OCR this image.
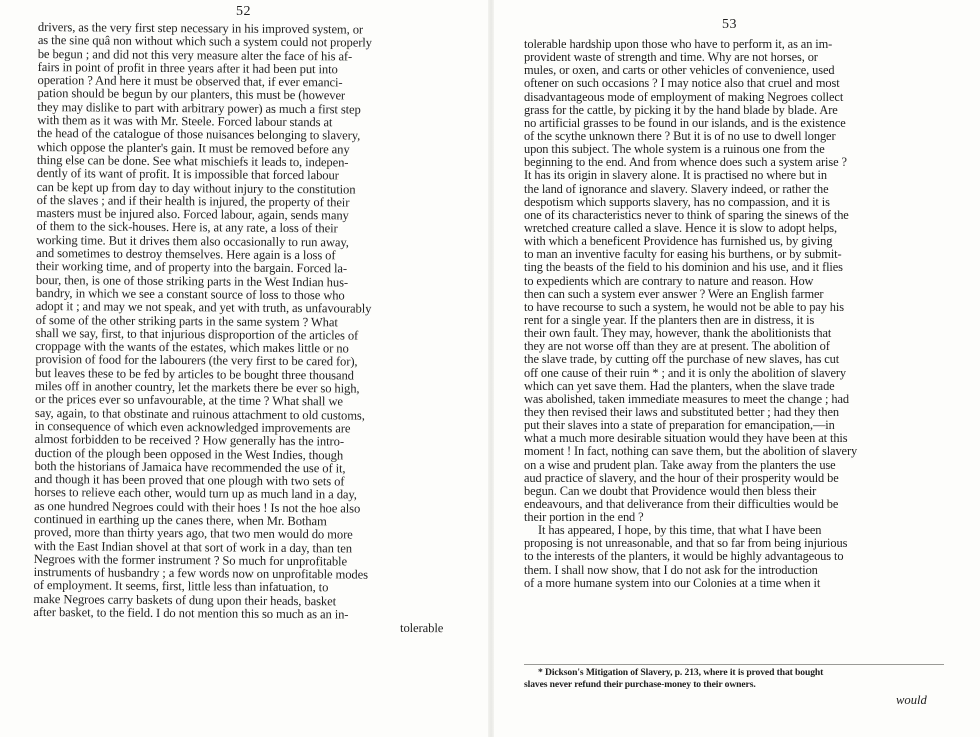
52

drivers, as the very first step necessary in his improved system, or

as the sine quâ non without which such a system could not properly

be begun ; and did not this very measure alter the face of his af-

fairs in point of profit in three years after it had been put into

operation ? And here it must be observed that, if ever emanci-

pation should be begun by our planters, this must be (however

they may dislike to part with arbitrary power) as much a first step

with them as it was with Mr. Steele. Forced labour stands at

the head of the catalogue of those nuisances belonging to slavery,

which oppose the planter's gain. It must be removed before any

thing else can be done. See what mischiefs it leads to, indepen-

dently of its want of profit. It is impossible that forced labour

can be kept up from day to day without injury to the constitution

of the slaves ; and if their health is injured, the property of their

masters must be injured also. Forced labour, again, sends many

of them to the sick-houses. Here is, at any rate, a loss of their

working time. But it drives them also occasionally to run away,

and sometimes to destroy themselves. Here again is a loss of

their working time, and of property into the bargain. Forced la-

bour, then, is one of those striking parts in the West Indian hus-

bandry, in which we see a constant source of loss to those who

adopt it ; and may we not speak, and yet with truth, as unfavourably

of some of the other striking parts in the same system ? What

shall we say, first, to that injurious disproportion of the articles of

croppage with the wants of the estates, which makes little or no

provision of food for the labourers (the very first to be cared for),

but leaves these to be fed by articles to be bought three thousand

miles off in another country, let the markets there be ever so high,

or the prices ever so unfavourable, at the time ? What shall we

say, again, to that obstinate and ruinous attachment to old customs,

in consequence of which even acknowledged improvements are

almost forbidden to be received ? How generally has the intro-

duction of the plough been opposed in the West Indies, though

both the historians of Jamaica have recommended the use of it,

and though it has been proved that one plough with two sets of

horses to relieve each other, would turn up as much land in a day,

as one hundred Negroes could with their hoes ! Is not the hoe also

continued in earthing up the canes there, when Mr. Botham

proved, more than thirty years ago, that two men would do more

with the East Indian shovel at that sort of work in a day, than ten

Negroes with the former instrument ? So much for unprofitable

instruments of husbandry ; a few words now on unprofitable modes

of employment. It seems, first, little less than infatuation, to

make Negroes carry baskets of dung upon their heads, basket

after basket, to the field. I do not mention this so much as an in-

tolerable

53

tolerable hardship upon those who have to perform it, as an im-

provident waste of strength and time. Why are not horses, or

mules, or oxen, and carts or other vehicles of convenience, used

oftener on such occasions ? I may notice also that cruel and most

disadvantageous mode of employment of making Negroes collect

grass for the cattle, by picking it by the hand blade by blade. Are

no artificial grasses to be found in our islands, and is the existence

of the scythe unknown there ? But it is of no use to dwell longer

upon this subject. The whole system is a ruinous one from the

beginning to the end. And from whence does such a system arise ?

It has its origin in slavery alone. It is practised no where but in

the land of ignorance and slavery. Slavery indeed, or rather the

despotism which supports slavery, has no compassion, and it is

one of its characteristics never to think of sparing the sinews of the

wretched creature called a slave. Hence it is slow to adopt helps,

with which a beneficent Providence has furnished us, by giving

to man an inventive faculty for easing his burthens, or by submit-

ting the beasts of the field to his dominion and his use, and it flies

to expedients which are contrary to nature and reason. How

then can such a system ever answer ? Were an English farmer

to have recourse to such a system, he would not be able to pay his

rent for a single year. If the planters then are in distress, it is

their own fault. They may, however, thank the abolitionists that

they are not worse off than they are at present. The abolition of

the slave trade, by cutting off the purchase of new slaves, has cut

off one cause of their ruin * ; and it is only the abolition of slavery

which can yet save them. Had the planters, when the slave trade

was abolished, taken immediate measures to meet the change ; had

they then revised their laws and substituted better ; had they then

put their slaves into a state of preparation for emancipation,—in

what a much more desirable situation would they have been at this

moment ! In fact, nothing can save them, but the abolition of slavery

on a wise and prudent plan. Take away from the planters the use

aud practice of slavery, and the hour of their prosperity would be

begun. Can we doubt that Providence would then bless their

endeavours, and that deliverance from their difficulties would be

their portion in the end ?

It has appeared, I hope, by this time, that what I have been

proposing is not unreasonable, and that so far from being injurious

to the interests of the planters, it would be highly advantageous to

them. I shall now show, that I do not ask for the introduction

of a more humane system into our Colonies at a time when it

* Dickson's Mitigation of Slavery, p. 213, where it is proved that bought

slaves never refund their purchase-money to their owners.

would
